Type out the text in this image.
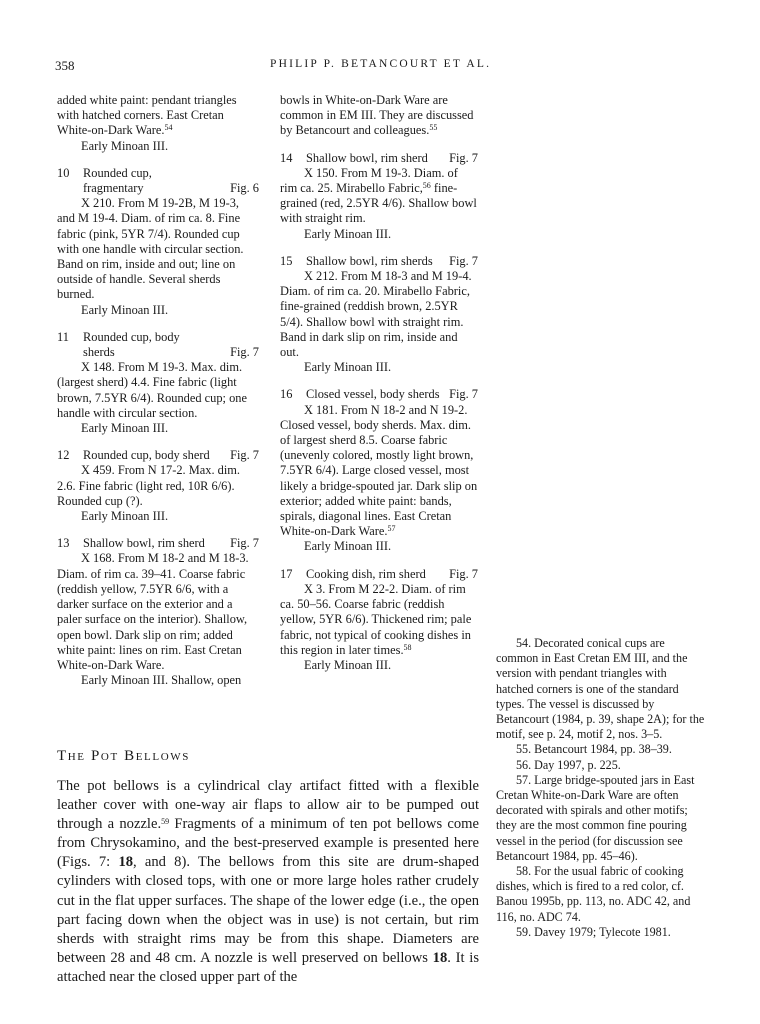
358	PHILIP P. BETANCOURT ET AL.

added white paint: pendant triangles with hatched corners. East Cretan White-on-Dark Ware.$^{54}$

Early Minoan III.

10 Rounded cup, fragmentary	Fig. 6

X 210. From M 19-2B, M 19-3, and M 19-4. Diam. of rim ca. 8. Fine fabric (pink, 5YR 7/4). Rounded cup with one handle with circular section. Band on rim, inside and out; line on outside of handle. Several sherds burned.

Early Minoan III.

11 Rounded cup, body sherds	Fig. 7

X 148. From M 19-3. Max. dim. (largest sherd) 4.4. Fine fabric (light brown, 7.5YR 6/4). Rounded cup; one handle with circular section.

Early Minoan III.

12 Rounded cup, body sherd Fig. 7

X 459. From N 17-2. Max. dim. 2.6. Fine fabric (light red, 10R 6/6). Rounded cup (?).

Early Minoan III.

13 Shallow bowl, rim sherd Fig. 7

X 168. From M 18-2 and M 18-3. Diam. of rim ca. 39–41. Coarse fabric (reddish yellow, 7.5YR 6/6, with a darker surface on the exterior and a paler surface on the interior). Shallow, open bowl. Dark slip on rim; added white paint: lines on rim. East Cretan White-on-Dark Ware.

Early Minoan III. Shallow, open

bowls in White-on-Dark Ware are common in EM III. They are discussed by Betancourt and colleagues.$^{55}$

14 Shallow bowl, rim sherd Fig. 7

X 150. From M 19-3. Diam. of rim ca. 25. Mirabello Fabric,$^{56}$ fine-grained (red, 2.5YR 4/6). Shallow bowl with straight rim.

Early Minoan III.

15 Shallow bowl, rim sherds Fig. 7

X 212. From M 18-3 and M 19-4. Diam. of rim ca. 20. Mirabello Fabric, fine-grained (reddish brown, 2.5YR 5/4). Shallow bowl with straight rim. Band in dark slip on rim, inside and out.

Early Minoan III.

16 Closed vessel, body sherds Fig. 7

X 181. From N 18-2 and N 19-2. Closed vessel, body sherds. Max. dim. of largest sherd 8.5. Coarse fabric (unevenly colored, mostly light brown, 7.5YR 6/4). Large closed vessel, most likely a bridge-spouted jar. Dark slip on exterior; added white paint: bands, spirals, diagonal lines. East Cretan White-on-Dark Ware.$^{57}$

Early Minoan III.

17 Cooking dish, rim sherd Fig. 7

X 3. From M 22-2. Diam. of rim ca. 50–56. Coarse fabric (reddish yellow, 5YR 6/6). Thickened rim; pale fabric, not typical of cooking dishes in this region in later times.$^{58}$

Early Minoan III.

The Pot Bellows

The pot bellows is a cylindrical clay artifact fitted with a flexible leather cover with one-way air flaps to allow air to be pumped out through a nozzle.$^{59}$ Fragments of a minimum of ten pot bellows come from Chrysokamino, and the best-preserved example is presented here (Figs. 7: 18, and 8). The bellows from this site are drum-shaped cylinders with closed tops, with one or more large holes rather crudely cut in the flat upper surfaces. The shape of the lower edge (i.e., the open part facing down when the object was in use) is not certain, but rim sherds with straight rims may be from this shape. Diameters are between 28 and 48 cm. A nozzle is well preserved on bellows 18. It is attached near the closed upper part of the

54. Decorated conical cups are common in East Cretan EM III, and the version with pendant triangles with hatched corners is one of the standard types. The vessel is discussed by Betancourt (1984, p. 39, shape 2A); for the motif, see p. 24, motif 2, nos. 3–5.

55. Betancourt 1984, pp. 38–39.

56. Day 1997, p. 225.

57. Large bridge-spouted jars in East Cretan White-on-Dark Ware are often decorated with spirals and other motifs; they are the most common fine pouring vessel in the period (for discussion see Betancourt 1984, pp. 45–46).

58. For the usual fabric of cooking dishes, which is fired to a red color, cf. Banou 1995b, pp. 113, no. ADC 42, and 116, no. ADC 74.

59. Davey 1979; Tylecote 1981.
